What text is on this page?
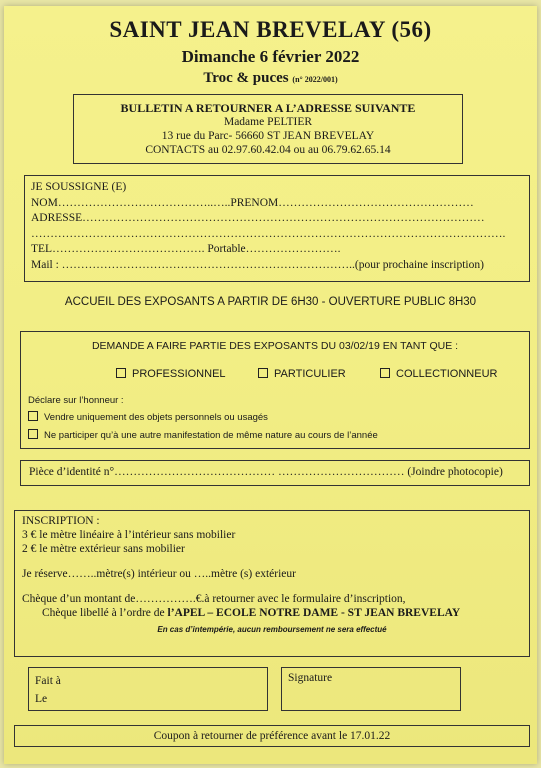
SAINT JEAN BREVELAY (56)
Dimanche 6 février 2022
Troc & puces (n° 2022/001)
BULLETIN A RETOURNER A L’ADRESSE SUIVANTE
Madame PELTIER
13 rue du Parc- 56660 ST JEAN BREVELAY
CONTACTS au 02.97.60.42.04 ou au 06.79.62.65.14
JE SOUSSIGNE (E)
NOM…………………………………..…..PRENOM……………………………………………
ADRESSE……………………………………………………………………………………………
…………………………………………………………………………………………………………….
TEL…………………………………. Portable…………………….
Mail : …………………………………………………………………..(pour prochaine inscription)
ACCUEIL DES EXPOSANTS A PARTIR DE 6H30 - OUVERTURE PUBLIC 8H30
DEMANDE A FAIRE PARTIE DES EXPOSANTS DU 03/02/19 EN TANT QUE :
PROFESSIONNEL	PARTICULIER	COLLECTIONNEUR
Déclare sur l’honneur :
Vendre uniquement des objets personnels ou usagés
Ne participer qu’à une autre manifestation de même nature au cours de l’année
Pièce d’identité n°…………………………………… …………………………… (Joindre photocopie)
INSCRIPTION :
3 € le mètre linéaire à l’intérieur sans mobilier
2 € le mètre extérieur sans mobilier
Je réserve……..mètre(s) intérieur ou …..mètre (s) extérieur
Chèque d’un montant de…………….€.à retourner avec le formulaire d’inscription,
Chèque libellé à l’ordre de l’APEL – ECOLE NOTRE DAME - ST JEAN BREVELAY
En cas d’intempérie, aucun remboursement ne sera effectué
Fait à
Le
Signature
Coupon à retourner de préférence avant le 17.01.22
